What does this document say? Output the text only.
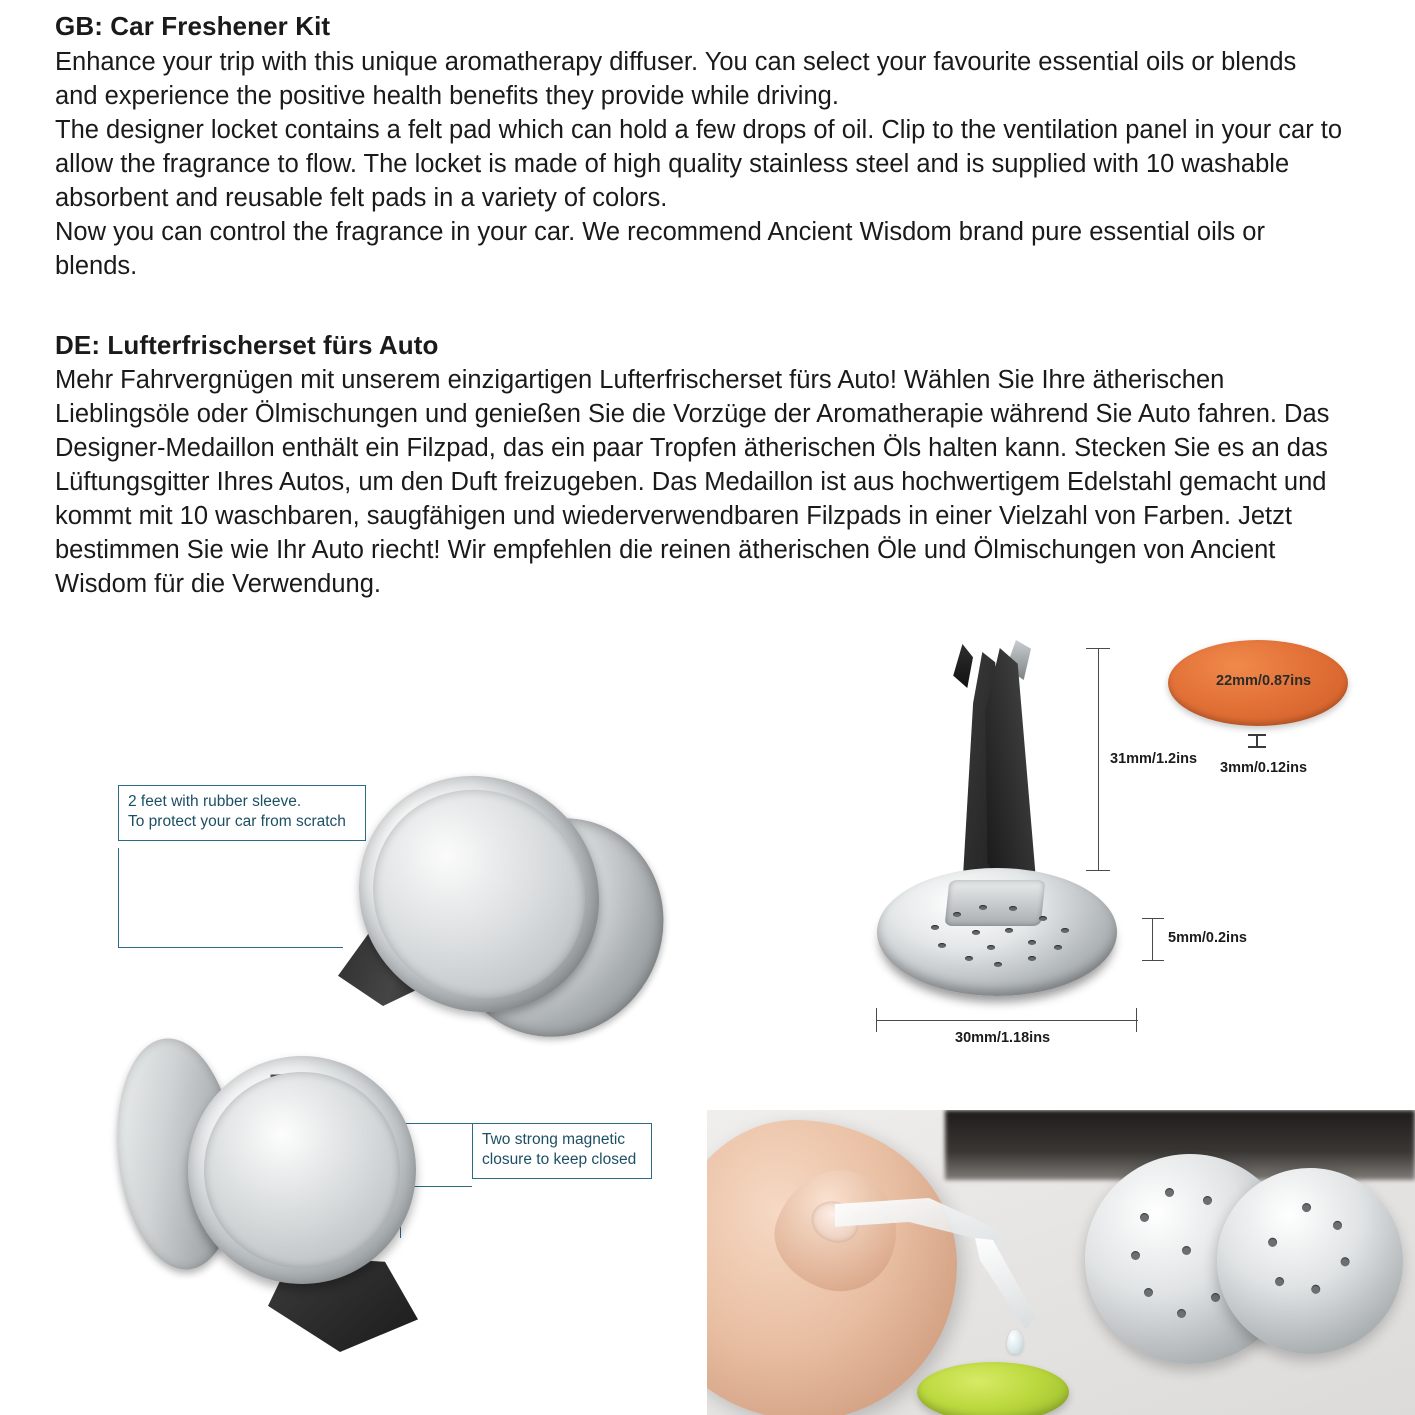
GB: Car Freshener Kit

Enhance your trip with this unique aromatherapy diffuser. You can select your favourite essential oils or blends and experience the positive health benefits they provide while driving.

The designer locket contains a felt pad which can hold a few drops of oil. Clip to the ventilation panel in your car to allow the fragrance to flow. The locket is made of high quality stainless steel and is supplied with 10 washable absorbent and reusable felt pads in a variety of colors.

Now you can control the fragrance in your car. We recommend Ancient Wisdom brand pure essential oils or blends.

DE: Lufterfrischerset fürs Auto

Mehr Fahrvergnügen mit unserem einzigartigen Lufterfrischerset fürs Auto! Wählen Sie Ihre ätherischen Lieblingsöle oder Ölmischungen und genießen Sie die Vorzüge der Aromatherapie während Sie Auto fahren. Das Designer-Medaillon enthält ein Filzpad, das ein paar Tropfen ätherischen Öls halten kann. Stecken Sie es an das Lüftungsgitter Ihres Autos, um den Duft freizugeben. Das Medaillon ist aus hochwertigem Edelstahl gemacht und kommt mit 10 waschbaren, saugfähigen und wiederverwendbaren Filzpads in einer Vielzahl von Farben. Jetzt bestimmen Sie wie Ihr Auto riecht! Wir empfehlen die reinen ätherischen Öle und Ölmischungen von Ancient Wisdom für die Verwendung.

2 feet with rubber sleeve.
To protect your car from scratch
Two strong magnetic
closure to keep closed
31mm/1.2ins
5mm/0.2ins
30mm/1.18ins
22mm/0.87ins
3mm/0.12ins
